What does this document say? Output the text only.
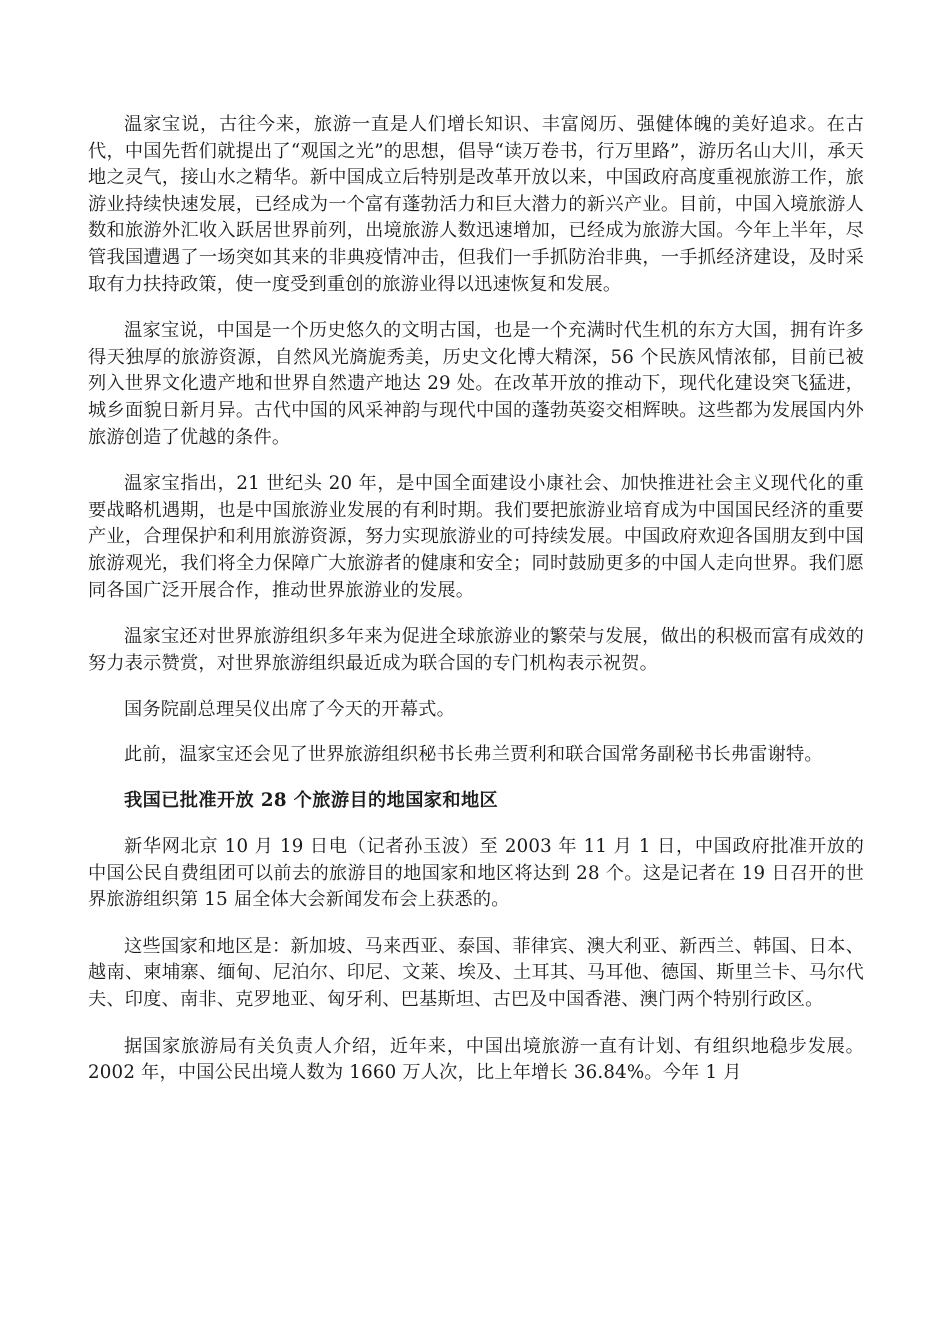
温家宝说，古往今来，旅游一直是人们增长知识、丰富阅历、强健体魄的美好追求。在古代，中国先哲们就提出了“观国之光”的思想，倡导“读万卷书，行万里路”，游历名山大川，承天地之灵气，接山水之精华。新中国成立后特别是改革开放以来，中国政府高度重视旅游工作，旅游业持续快速发展，已经成为一个富有蓬勃活力和巨大潜力的新兴产业。目前，中国入境旅游人数和旅游外汇收入跃居世界前列，出境旅游人数迅速增加，已经成为旅游大国。今年上半年，尽管我国遭遇了一场突如其来的非典疫情冲击，但我们一手抓防治非典，一手抓经济建设，及时采取有力扶持政策，使一度受到重创的旅游业得以迅速恢复和发展。

温家宝说，中国是一个历史悠久的文明古国，也是一个充满时代生机的东方大国，拥有许多得天独厚的旅游资源，自然风光旖旎秀美，历史文化博大精深，56 个民族风情浓郁，目前已被列入世界文化遗产地和世界自然遗产地达 29 处。在改革开放的推动下，现代化建设突飞猛进，城乡面貌日新月异。古代中国的风采神韵与现代中国的蓬勃英姿交相辉映。这些都为发展国内外旅游创造了优越的条件。

温家宝指出，21 世纪头 20 年，是中国全面建设小康社会、加快推进社会主义现代化的重要战略机遇期，也是中国旅游业发展的有利时期。我们要把旅游业培育成为中国国民经济的重要产业，合理保护和利用旅游资源，努力实现旅游业的可持续发展。中国政府欢迎各国朋友到中国旅游观光，我们将全力保障广大旅游者的健康和安全；同时鼓励更多的中国人走向世界。我们愿同各国广泛开展合作，推动世界旅游业的发展。

温家宝还对世界旅游组织多年来为促进全球旅游业的繁荣与发展，做出的积极而富有成效的努力表示赞赏，对世界旅游组织最近成为联合国的专门机构表示祝贺。

国务院副总理吴仪出席了今天的开幕式。

此前，温家宝还会见了世界旅游组织秘书长弗兰贾利和联合国常务副秘书长弗雷谢特。

我国已批准开放 28 个旅游目的地国家和地区

新华网北京 10 月 19 日电（记者孙玉波）至 2003 年 11 月 1 日，中国政府批准开放的中国公民自费组团可以前去的旅游目的地国家和地区将达到 28 个。这是记者在 19 日召开的世界旅游组织第 15 届全体大会新闻发布会上获悉的。

这些国家和地区是：新加坡、马来西亚、泰国、菲律宾、澳大利亚、新西兰、韩国、日本、越南、柬埔寨、缅甸、尼泊尔、印尼、文莱、埃及、土耳其、马耳他、德国、斯里兰卡、马尔代夫、印度、南非、克罗地亚、匈牙利、巴基斯坦、古巴及中国香港、澳门两个特别行政区。

据国家旅游局有关负责人介绍，近年来，中国出境旅游一直有计划、有组织地稳步发展。2002 年，中国公民出境人数为 1660 万人次，比上年增长 36.84%。今年 1 月
